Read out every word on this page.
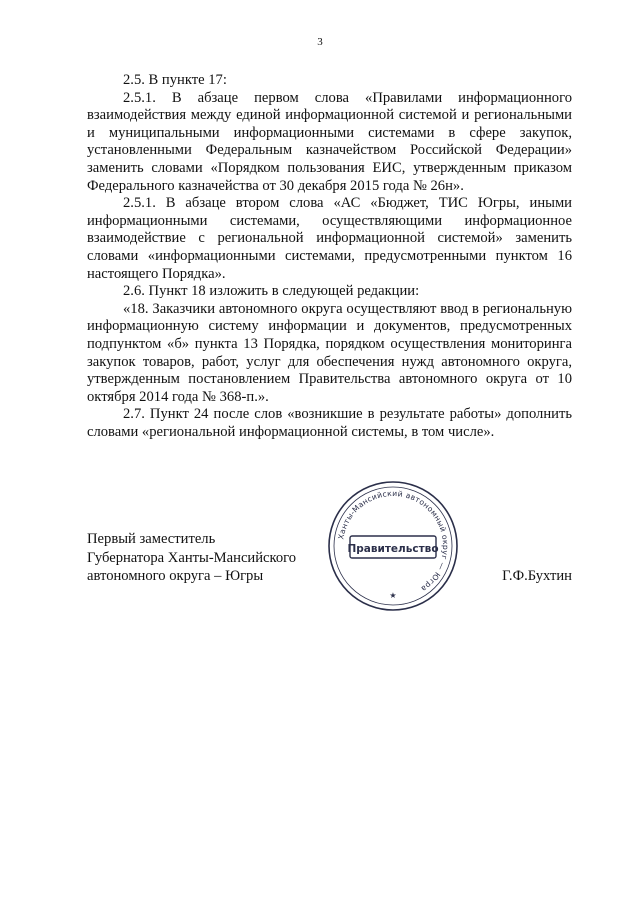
3

2.5. В пункте 17:

2.5.1. В абзаце первом слова «Правилами информационного взаимодействия между единой информационной системой и региональными и муниципальными информационными системами в сфере закупок, установленными Федеральным казначейством Российской Федерации» заменить словами «Порядком пользования ЕИС, утвержденным приказом Федерального казначейства от 30 декабря 2015 года № 26н».

2.5.1. В абзаце втором слова «АС «Бюджет, ТИС Югры, иными информационными системами, осуществляющими информационное взаимодействие с региональной информационной системой» заменить словами «информационными системами, предусмотренными пунктом 16 настоящего Порядка».

2.6. Пункт 18 изложить в следующей редакции:

«18. Заказчики автономного округа осуществляют ввод в региональную информационную систему информации и документов, предусмотренных подпунктом «б» пункта 13 Порядка, порядком осуществления мониторинга закупок товаров, работ, услуг для обеспечения нужд автономного округа, утвержденным постановлением Правительства автономного округа от 10 октября 2014 года № 368-п.».

2.7. Пункт 24 после слов «возникшие в результате работы» дополнить словами «региональной информационной системы, в том числе».

Первый заместитель
Губернатора Ханты-Мансийского
автономного округа – Югры	Г.Ф.Бухтин
Ханты-Мансийский автономный округ — Югра
Правительство
★
